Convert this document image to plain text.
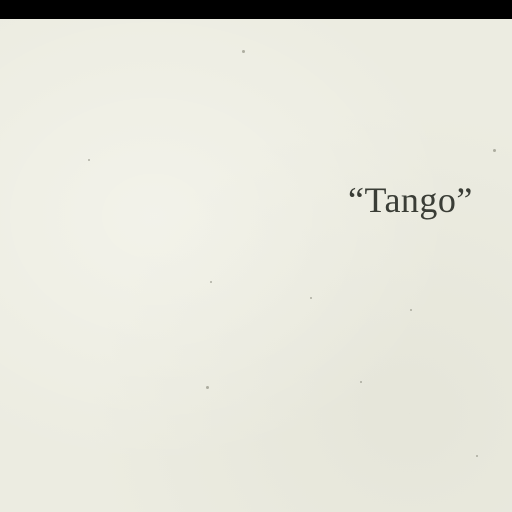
“Tango”
